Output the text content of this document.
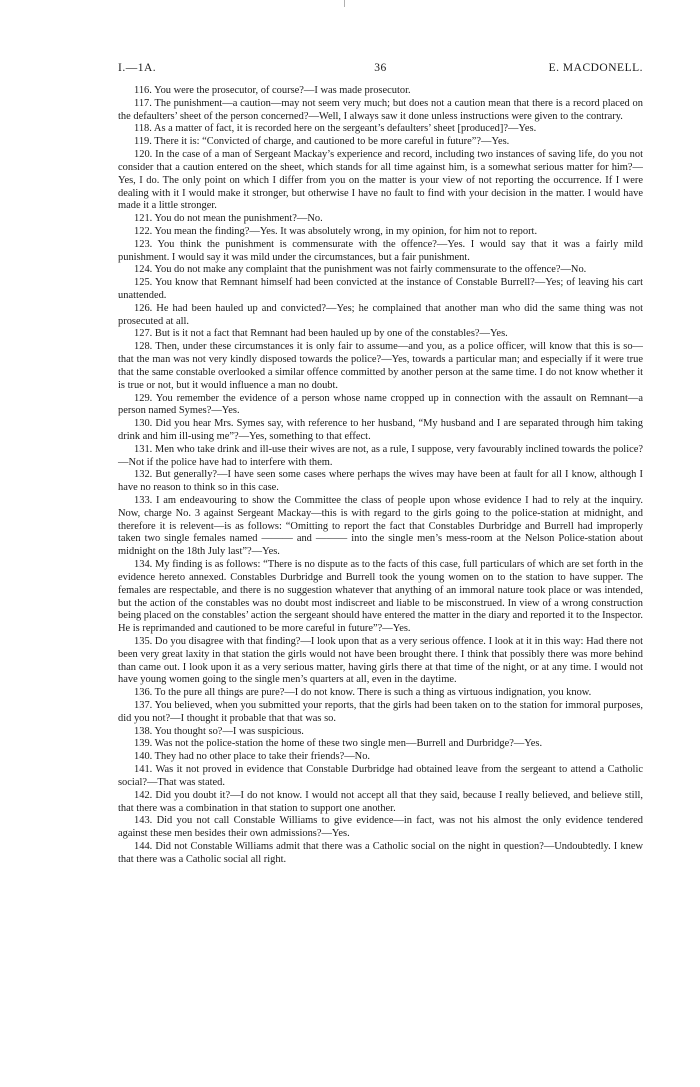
I.—1A.	36	E. MACDONELL.

116. You were the prosecutor, of course?—I was made prosecutor.

117. The punishment—a caution—may not seem very much; but does not a caution mean that there is a record placed on the defaulters’ sheet of the person concerned?—Well, I always saw it done unless instructions were given to the contrary.

118. As a matter of fact, it is recorded here on the sergeant’s defaulters’ sheet [produced]?—Yes.

119. There it is: “Convicted of charge, and cautioned to be more careful in future”?—Yes.

120. In the case of a man of Sergeant Mackay’s experience and record, including two instances of saving life, do you not consider that a caution entered on the sheet, which stands for all time against him, is a somewhat serious matter for him?—Yes, I do. The only point on which I differ from you on the matter is your view of not reporting the occurrence. If I were dealing with it I would make it stronger, but otherwise I have no fault to find with your decision in the matter. I would have made it a little stronger.

121. You do not mean the punishment?—No.

122. You mean the finding?—Yes. It was absolutely wrong, in my opinion, for him not to report.

123. You think the punishment is commensurate with the offence?—Yes. I would say that it was a fairly mild punishment. I would say it was mild under the circumstances, but a fair punishment.

124. You do not make any complaint that the punishment was not fairly commensurate to the offence?—No.

125. You know that Remnant himself had been convicted at the instance of Constable Burrell?—Yes; of leaving his cart unattended.

126. He had been hauled up and convicted?—Yes; he complained that another man who did the same thing was not prosecuted at all.

127. But is it not a fact that Remnant had been hauled up by one of the constables?—Yes.

128. Then, under these circumstances it is only fair to assume—and you, as a police officer, will know that this is so—that the man was not very kindly disposed towards the police?—Yes, towards a particular man; and especially if it were true that the same constable overlooked a similar offence committed by another person at the same time. I do not know whether it is true or not, but it would influence a man no doubt.

129. You remember the evidence of a person whose name cropped up in connection with the assault on Remnant—a person named Symes?—Yes.

130. Did you hear Mrs. Symes say, with reference to her husband, “My husband and I are separated through him taking drink and him ill-using me”?—Yes, something to that effect.

131. Men who take drink and ill-use their wives are not, as a rule, I suppose, very favourably inclined towards the police?—Not if the police have had to interfere with them.

132. But generally?—I have seen some cases where perhaps the wives may have been at fault for all I know, although I have no reason to think so in this case.

133. I am endeavouring to show the Committee the class of people upon whose evidence I had to rely at the inquiry. Now, charge No. 3 against Sergeant Mackay—this is with regard to the girls going to the police-station at midnight, and therefore it is relevent—is as follows: “Omitting to report the fact that Constables Durbridge and Burrell had improperly taken two single females named ——— and ——— into the single men’s mess-room at the Nelson Police-station about midnight on the 18th July last”?—Yes.

134. My finding is as follows: “There is no dispute as to the facts of this case, full particulars of which are set forth in the evidence hereto annexed. Constables Durbridge and Burrell took the young women on to the station to have supper. The females are respectable, and there is no suggestion whatever that anything of an immoral nature took place or was intended, but the action of the constables was no doubt most indiscreet and liable to be misconstrued. In view of a wrong construction being placed on the constables’ action the sergeant should have entered the matter in the diary and reported it to the Inspector. He is reprimanded and cautioned to be more careful in future”?—Yes.

135. Do you disagree with that finding?—I look upon that as a very serious offence. I look at it in this way: Had there not been very great laxity in that station the girls would not have been brought there. I think that possibly there was more behind than came out. I look upon it as a very serious matter, having girls there at that time of the night, or at any time. I would not have young women going to the single men’s quarters at all, even in the daytime.

136. To the pure all things are pure?—I do not know. There is such a thing as virtuous indignation, you know.

137. You believed, when you submitted your reports, that the girls had been taken on to the station for immoral purposes, did you not?—I thought it probable that that was so.

138. You thought so?—I was suspicious.

139. Was not the police-station the home of these two single men—Burrell and Durbridge?—Yes.

140. They had no other place to take their friends?—No.

141. Was it not proved in evidence that Constable Durbridge had obtained leave from the sergeant to attend a Catholic social?—That was stated.

142. Did you doubt it?—I do not know. I would not accept all that they said, because I really believed, and believe still, that there was a combination in that station to support one another.

143. Did you not call Constable Williams to give evidence—in fact, was not his almost the only evidence tendered against these men besides their own admissions?—Yes.

144. Did not Constable Williams admit that there was a Catholic social on the night in question?—Undoubtedly. I knew that there was a Catholic social all right.
